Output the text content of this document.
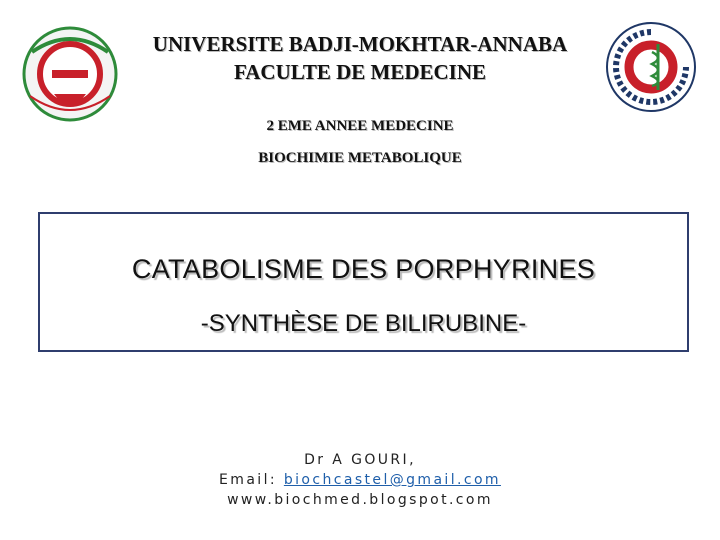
UNIVERSITE BADJI-MOKHTAR-ANNABA
FACULTE DE MEDECINE
2 EME ANNEE MEDECINE
BIOCHIMIE METABOLIQUE
CATABOLISME DES PORPHYRINES
-SYNTHÈSE DE BILIRUBINE-
Dr A GOURI,
Email: biochcastel@gmail.com
www.biochmed.blogspot.com
